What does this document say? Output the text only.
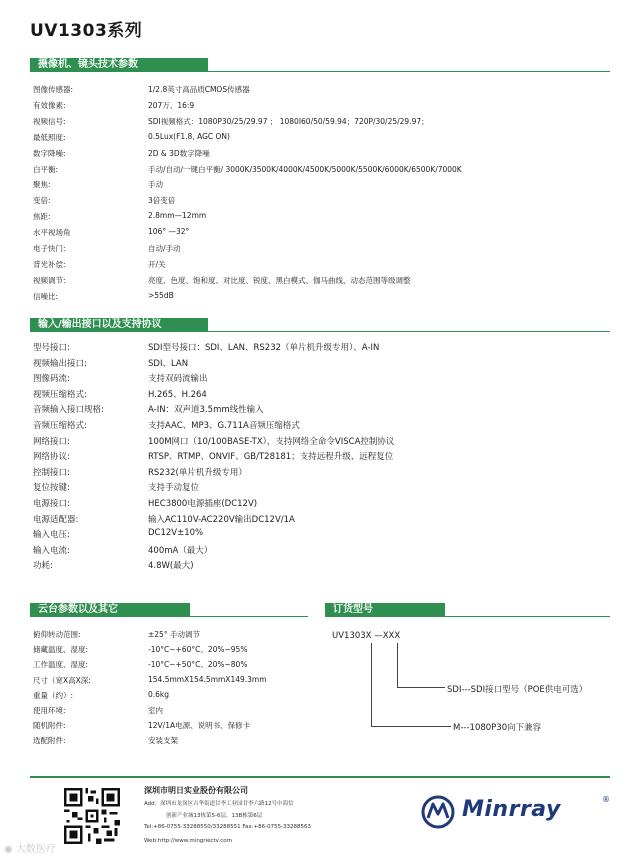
UV1303系列
摄像机、镜头技术参数
图像传感器:	1/2.8英寸高品质CMOS传感器
有效像素:	207万、16:9
视频信号:	SDI视频格式：1080P30/25/29.97 ； 1080I60/50/59.94；720P/30/25/29.97；
最低照度:	0.5Lux(F1.8, AGC ON)
数字降噪:	2D & 3D数字降噪
白平衡:	手动/自动/一键白平衡/ 3000K/3500K/4000K/4500K/5000K/5500K/6000K/6500K/7000K
聚焦:	手动
变倍:	3倍变倍
焦距:	2.8mm—12mm
水平视场角	106° —32°
电子快门:	自动/手动
背光补偿:	开/关
视频调节:	亮度、色度、饱和度、对比度、锐度、黑白模式、伽马曲线、动态范围等级调整
信噪比:	>55dB
输入/输出接口以及支持协议
型号接口:	SDI型号接口：SDI、LAN、RS232（单片机升级专用）、A-IN
视频输出接口:	SDI、LAN
图像码流:	支持双码流输出
视频压缩格式:	H.265、H.264
音频输入接口规格:	A-IN：双声道3.5mm线性输入
音频压缩格式:	支持AAC、MP3、G.711A音频压缩格式
网络接口:	100M网口（10/100BASE-TX），支持网络全命令VISCA控制协议
网络协议:	RTSP、RTMP、ONVIF、GB/T28181；支持远程升级、远程复位
控制接口:	RS232(单片机升级专用）
复位按键:	支持手动复位
电源接口:	HEC3800电源插座(DC12V)
电源适配器:	输入AC110V-AC220V输出DC12V/1A
输入电压:	DC12V±10%
输入电流:	400mA（最大）
功耗:	4.8W(最大)
云台参数以及其它
俯仰转动范围:	±25° 手动调节
储藏温度、湿度:	-10°C~+60°C、20%~95%
工作温度、湿度:	-10°C~+50°C、20%~80%
尺寸（宽X高X深:	154.5mmX154.5mmX149.3mm
重量（约）:	0.6kg
使用环境:	室内
随机附件:	12V/1A电源、说明书、保修卡
选配附件:	安装支架
订货型号
UV1303X —XXX
SDI---SDI接口型号（POE供电可选）
M---1080P30向下兼容
深圳市明日实业股份有限公司
Add：深圳市龙岗区吉华街道甘李工业园甘李六路12号中海信
创新产业城13栋第5-6层，13B栋第6层
Tel:+86-0755-33288550/33288551 Fax:+86-0755-33288563
Web:http://www.mingriectv.com
Minrray	®
◉ 大数医疗
